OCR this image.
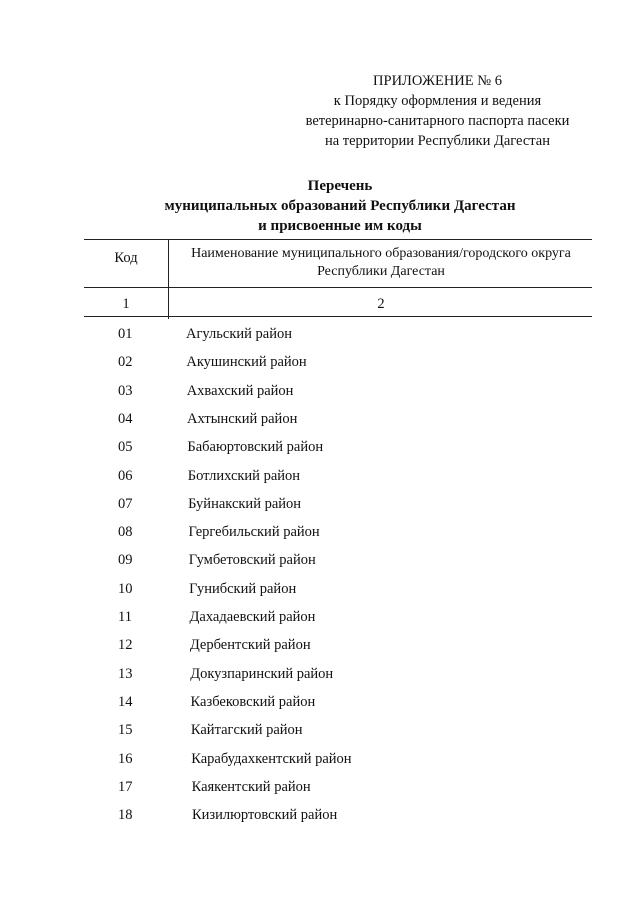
ПРИЛОЖЕНИЕ № 6
к Порядку оформления и ведения
ветеринарно-санитарного паспорта пасеки
на территории Республики Дагестан
Перечень
муниципальных образований Республики Дагестан
и присвоенные им коды
Код	Наименование муниципального образования/городского округа
Республики Дагестан
1	2
01	Агульский район
02	Акушинский район
03	Ахвахский район
04	Ахтынский район
05	Бабаюртовский район
06	Ботлихский район
07	Буйнакский район
08	Гергебильский район
09	Гумбетовский район
10	Гунибский район
11	Дахадаевский район
12	Дербентский район
13	Докузпаринский район
14	Казбековский район
15	Кайтагский район
16	Карабудахкентский район
17	Каякентский район
18	Кизилюртовский район
